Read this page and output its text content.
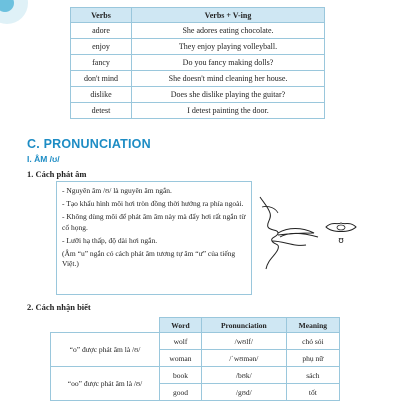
Verbs	Verbs + V-ing
adore	She adores eating chocolate.
enjoy	They enjoy playing volleyball.
fancy	Do you fancy making dolls?
don't mind	She doesn't mind cleaning her house.
dislike	Does she dislike playing the guitar?
detest	I detest painting the door.
C. PRONUNCIATION
I. ÂM /ʊ/
1. Cách phát âm

- Nguyên âm /ʊ/ là nguyên âm ngắn.

- Tạo khẩu hình môi hơi tròn đồng thời hướng ra phía ngoài.

- Không dùng môi để phát âm âm này mà đẩy hơi rất ngắn từ cổ họng.

- Lưỡi hạ thấp, độ dài hơi ngắn.

(Âm “u” ngắn có cách phát âm tương tự âm “ư” của tiếng Việt.)

ʊ
2. Cách nhận biết
	Word	Pronunciation	Meaning
“o” được phát âm là /ʊ/	wolf	/wʊlf/	chó sói
	woman	/ˈwʊmən/	phụ nữ
“oo” được phát âm là /ʊ/	book	/bʊk/	sách
	good	/gʊd/	tốt
